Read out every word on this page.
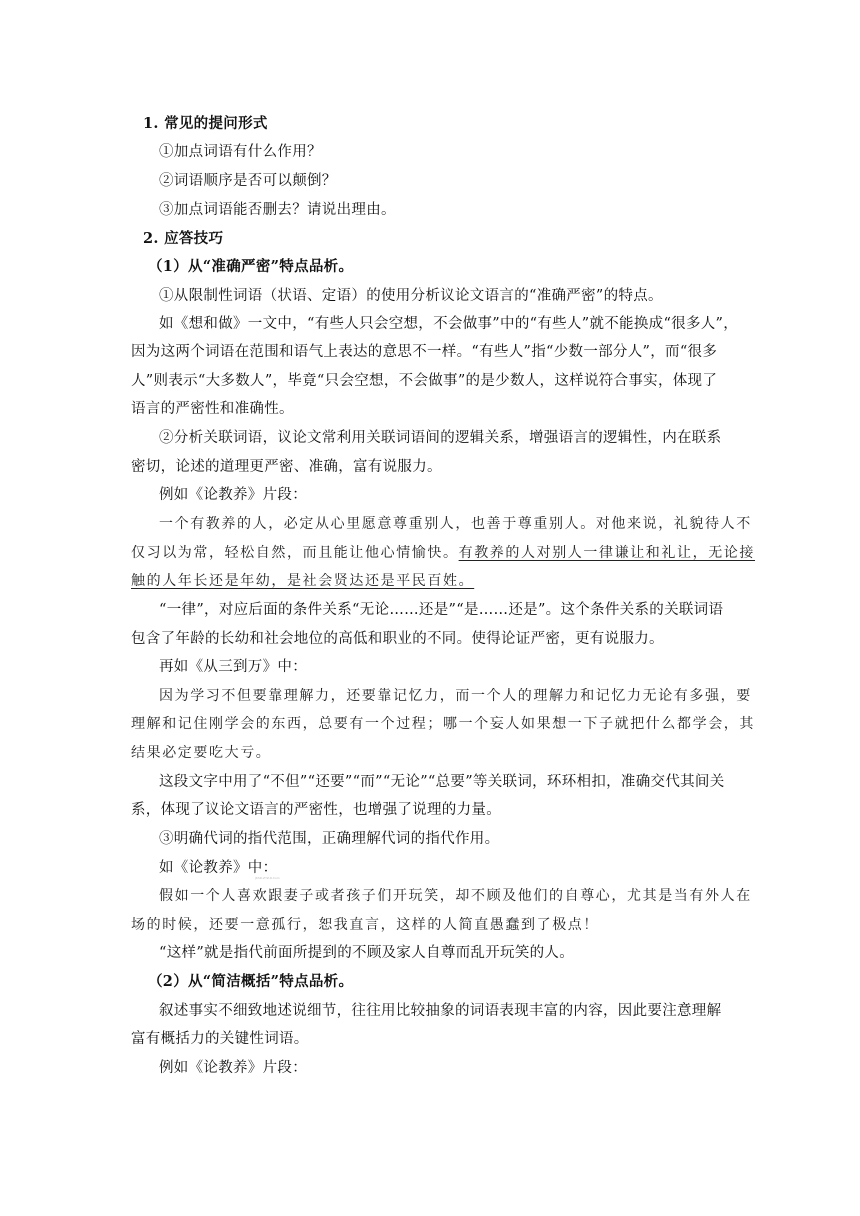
1. 常见的提问形式
①加点词语有什么作用？
②词语顺序是否可以颠倒？
③加点词语能否删去？请说出理由。
2. 应答技巧
（1）从“准确严密”特点品析。
①从限制性词语（状语、定语）的使用分析议论文语言的“准确严密”的特点。
如《想和做》一文中，“有些人只会空想，不会做事”中的“有些人”就不能换成“很多人”，
因为这两个词语在范围和语气上表达的意思不一样。“有些人”指“少数一部分人”，而“很多
人”则表示“大多数人”，毕竟“只会空想，不会做事”的是少数人，这样说符合事实，体现了
语言的严密性和准确性。
②分析关联词语，议论文常利用关联词语间的逻辑关系，增强语言的逻辑性，内在联系
密切，论述的道理更严密、准确，富有说服力。
例如《论教养》片段：
一个有教养的人，必定从心里愿意尊重别人，也善于尊重别人。对他来说，礼貌待人不
仅习以为常，轻松自然，而且能让他心情愉快。有教养的人对别人一律谦让和礼让，无论接
触的人年长还是年幼，是社会贤达还是平民百姓。
“一律”，对应后面的条件关系“无论……还是”“是……还是”。这个条件关系的关联词语
包含了年龄的长幼和社会地位的高低和职业的不同。使得论证严密，更有说服力。
再如《从三到万》中：
因为学习不但要靠理解力，还要靠记忆力，而一个人的理解力和记忆力无论有多强，要
理解和记住刚学会的东西，总要有一个过程；哪一个妄人如果想一下子就把什么都学会，其
结果必定要吃大亏。
这段文字中用了“不但”“还要”“而”“无论”“总要”等关联词，环环相扣，准确交代其间关
系，体现了议论文语言的严密性，也增强了说理的力量。
③明确代词的指代范围，正确理解代词的指代作用。
如《论教养》中：
JKSD.ZYZ.R.Com
假如一个人喜欢跟妻子或者孩子们开玩笑，却不顾及他们的自尊心，尤其是当有外人在
场的时候，还要一意孤行，恕我直言，这样的人简直愚蠢到了极点！
“这样”就是指代前面所提到的不顾及家人自尊而乱开玩笑的人。
（2）从“简洁概括”特点品析。
叙述事实不细致地述说细节，往往用比较抽象的词语表现丰富的内容，因此要注意理解
富有概括力的关键性词语。
例如《论教养》片段：
